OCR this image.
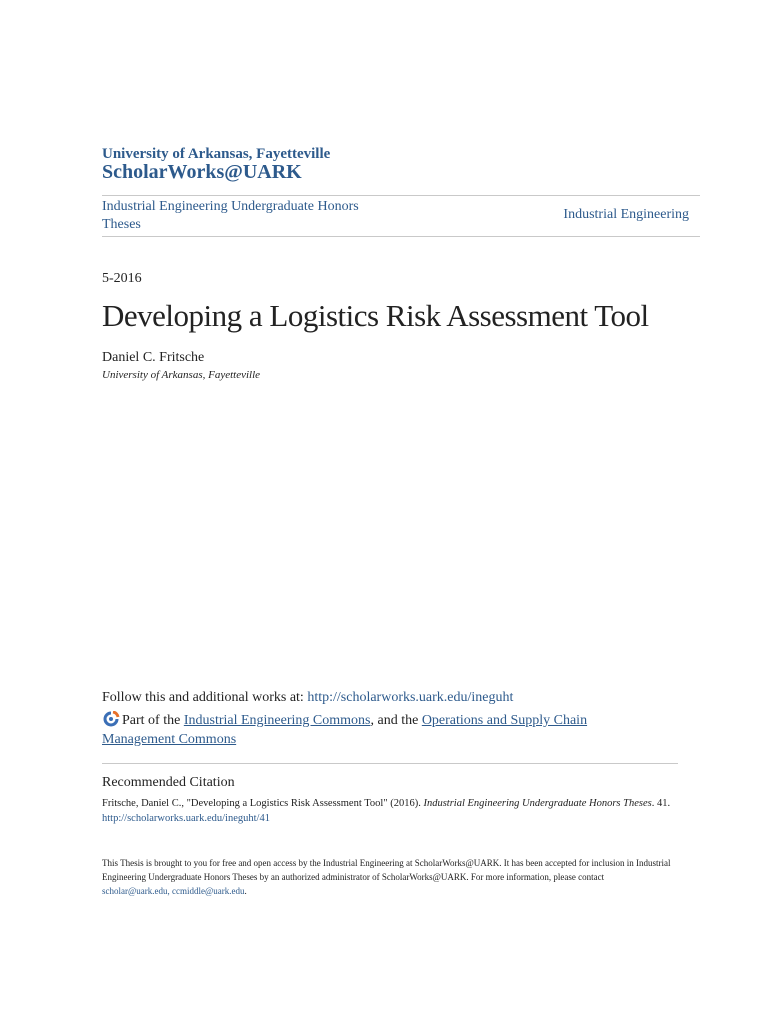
University of Arkansas, Fayetteville
ScholarWorks@UARK
Industrial Engineering Undergraduate Honors Theses
Industrial Engineering
5-2016
Developing a Logistics Risk Assessment Tool
Daniel C. Fritsche
University of Arkansas, Fayetteville
Follow this and additional works at: http://scholarworks.uark.edu/ineguht
Part of the Industrial Engineering Commons, and the Operations and Supply Chain Management Commons
Recommended Citation
Fritsche, Daniel C., "Developing a Logistics Risk Assessment Tool" (2016). Industrial Engineering Undergraduate Honors Theses. 41.
http://scholarworks.uark.edu/ineguht/41
This Thesis is brought to you for free and open access by the Industrial Engineering at ScholarWorks@UARK. It has been accepted for inclusion in Industrial Engineering Undergraduate Honors Theses by an authorized administrator of ScholarWorks@UARK. For more information, please contact
scholar@uark.edu, ccmiddle@uark.edu.
